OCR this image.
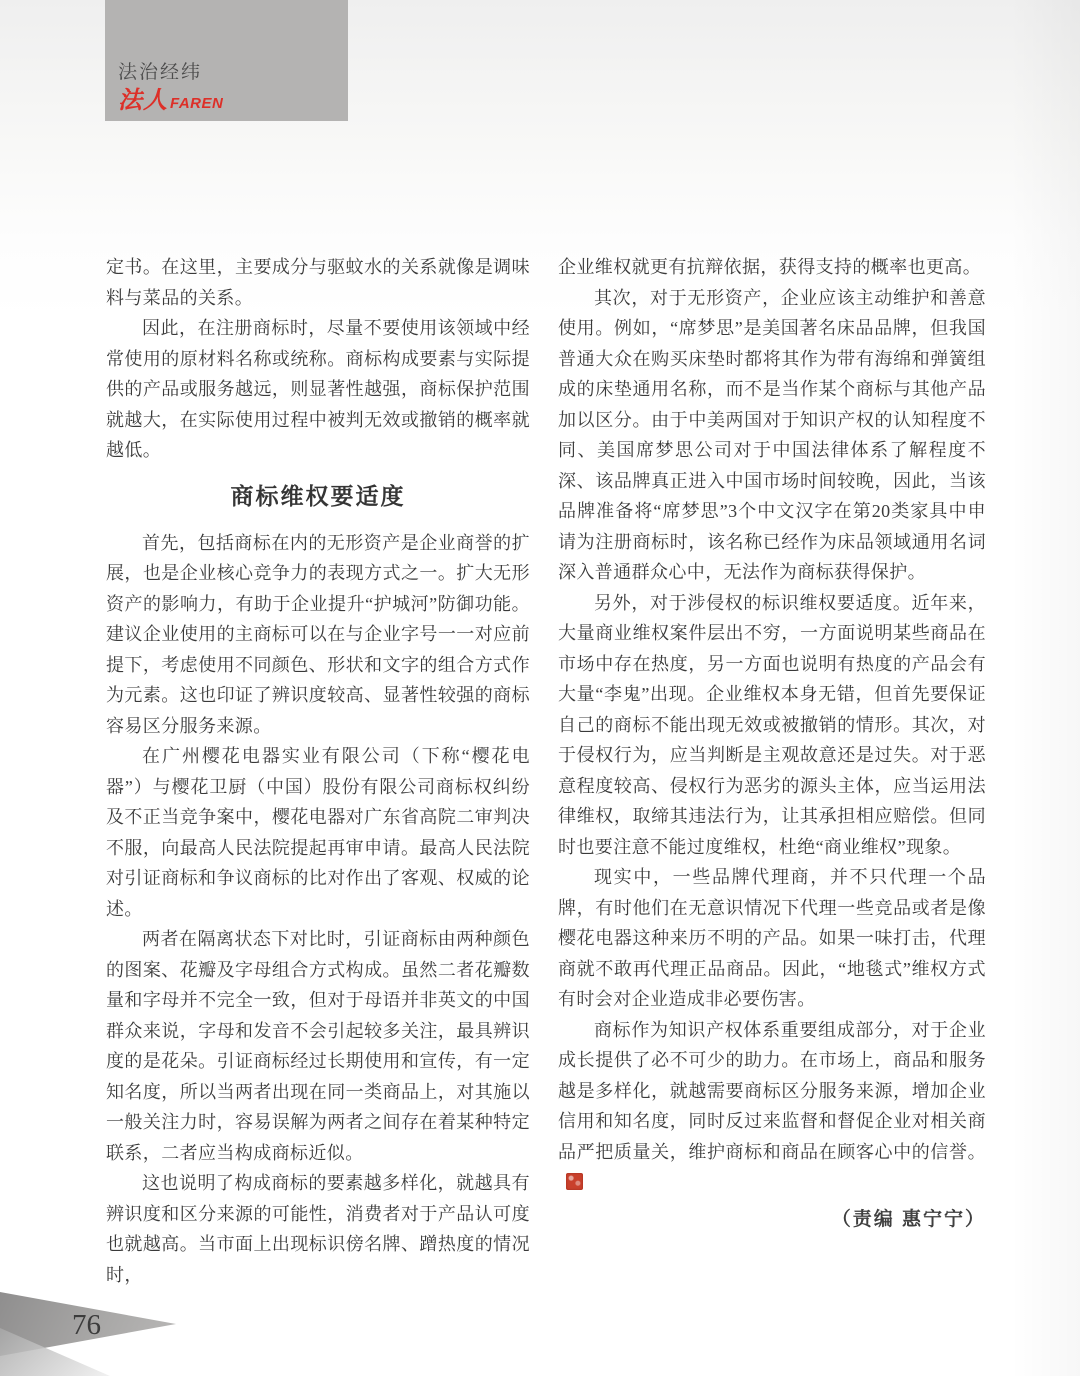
法治经纬
法人 FAREN

定书。在这里，主要成分与驱蚊水的关系就像是调味料与菜品的关系。

因此，在注册商标时，尽量不要使用该领域中经常使用的原材料名称或统称。商标构成要素与实际提供的产品或服务越远，则显著性越强，商标保护范围就越大，在实际使用过程中被判无效或撤销的概率就越低。

商标维权要适度

首先，包括商标在内的无形资产是企业商誉的扩展，也是企业核心竞争力的表现方式之一。扩大无形资产的影响力，有助于企业提升“护城河”防御功能。建议企业使用的主商标可以在与企业字号一一对应前提下，考虑使用不同颜色、形状和文字的组合方式作为元素。这也印证了辨识度较高、显著性较强的商标容易区分服务来源。

在广州樱花电器实业有限公司（下称“樱花电器”）与樱花卫厨（中国）股份有限公司商标权纠纷及不正当竞争案中，樱花电器对广东省高院二审判决不服，向最高人民法院提起再审申请。最高人民法院对引证商标和争议商标的比对作出了客观、权威的论述。

两者在隔离状态下对比时，引证商标由两种颜色的图案、花瓣及字母组合方式构成。虽然二者花瓣数量和字母并不完全一致，但对于母语并非英文的中国群众来说，字母和发音不会引起较多关注，最具辨识度的是花朵。引证商标经过长期使用和宣传，有一定知名度，所以当两者出现在同一类商品上，对其施以一般关注力时，容易误解为两者之间存在着某种特定联系，二者应当构成商标近似。

这也说明了构成商标的要素越多样化，就越具有辨识度和区分来源的可能性，消费者对于产品认可度也就越高。当市面上出现标识傍名牌、蹭热度的情况时，

企业维权就更有抗辩依据，获得支持的概率也更高。

其次，对于无形资产，企业应该主动维护和善意使用。例如，“席梦思”是美国著名床品品牌，但我国普通大众在购买床垫时都将其作为带有海绵和弹簧组成的床垫通用名称，而不是当作某个商标与其他产品加以区分。由于中美两国对于知识产权的认知程度不同、美国席梦思公司对于中国法律体系了解程度不深、该品牌真正进入中国市场时间较晚，因此，当该品牌准备将“席梦思”3个中文汉字在第20类家具中申请为注册商标时，该名称已经作为床品领域通用名词深入普通群众心中，无法作为商标获得保护。

另外，对于涉侵权的标识维权要适度。近年来，大量商业维权案件层出不穷，一方面说明某些商品在市场中存在热度，另一方面也说明有热度的产品会有大量“李鬼”出现。企业维权本身无错，但首先要保证自己的商标不能出现无效或被撤销的情形。其次，对于侵权行为，应当判断是主观故意还是过失。对于恶意程度较高、侵权行为恶劣的源头主体，应当运用法律维权，取缔其违法行为，让其承担相应赔偿。但同时也要注意不能过度维权，杜绝“商业维权”现象。

现实中，一些品牌代理商，并不只代理一个品牌，有时他们在无意识情况下代理一些竞品或者是像樱花电器这种来历不明的产品。如果一味打击，代理商就不敢再代理正品商品。因此，“地毯式”维权方式有时会对企业造成非必要伤害。

商标作为知识产权体系重要组成部分，对于企业成长提供了必不可少的助力。在市场上，商品和服务越是多样化，就越需要商标区分服务来源，增加企业信用和知名度，同时反过来监督和督促企业对相关商品严把质量关，维护商标和商品在顾客心中的信誉。

（责编 惠宁宁）

76
